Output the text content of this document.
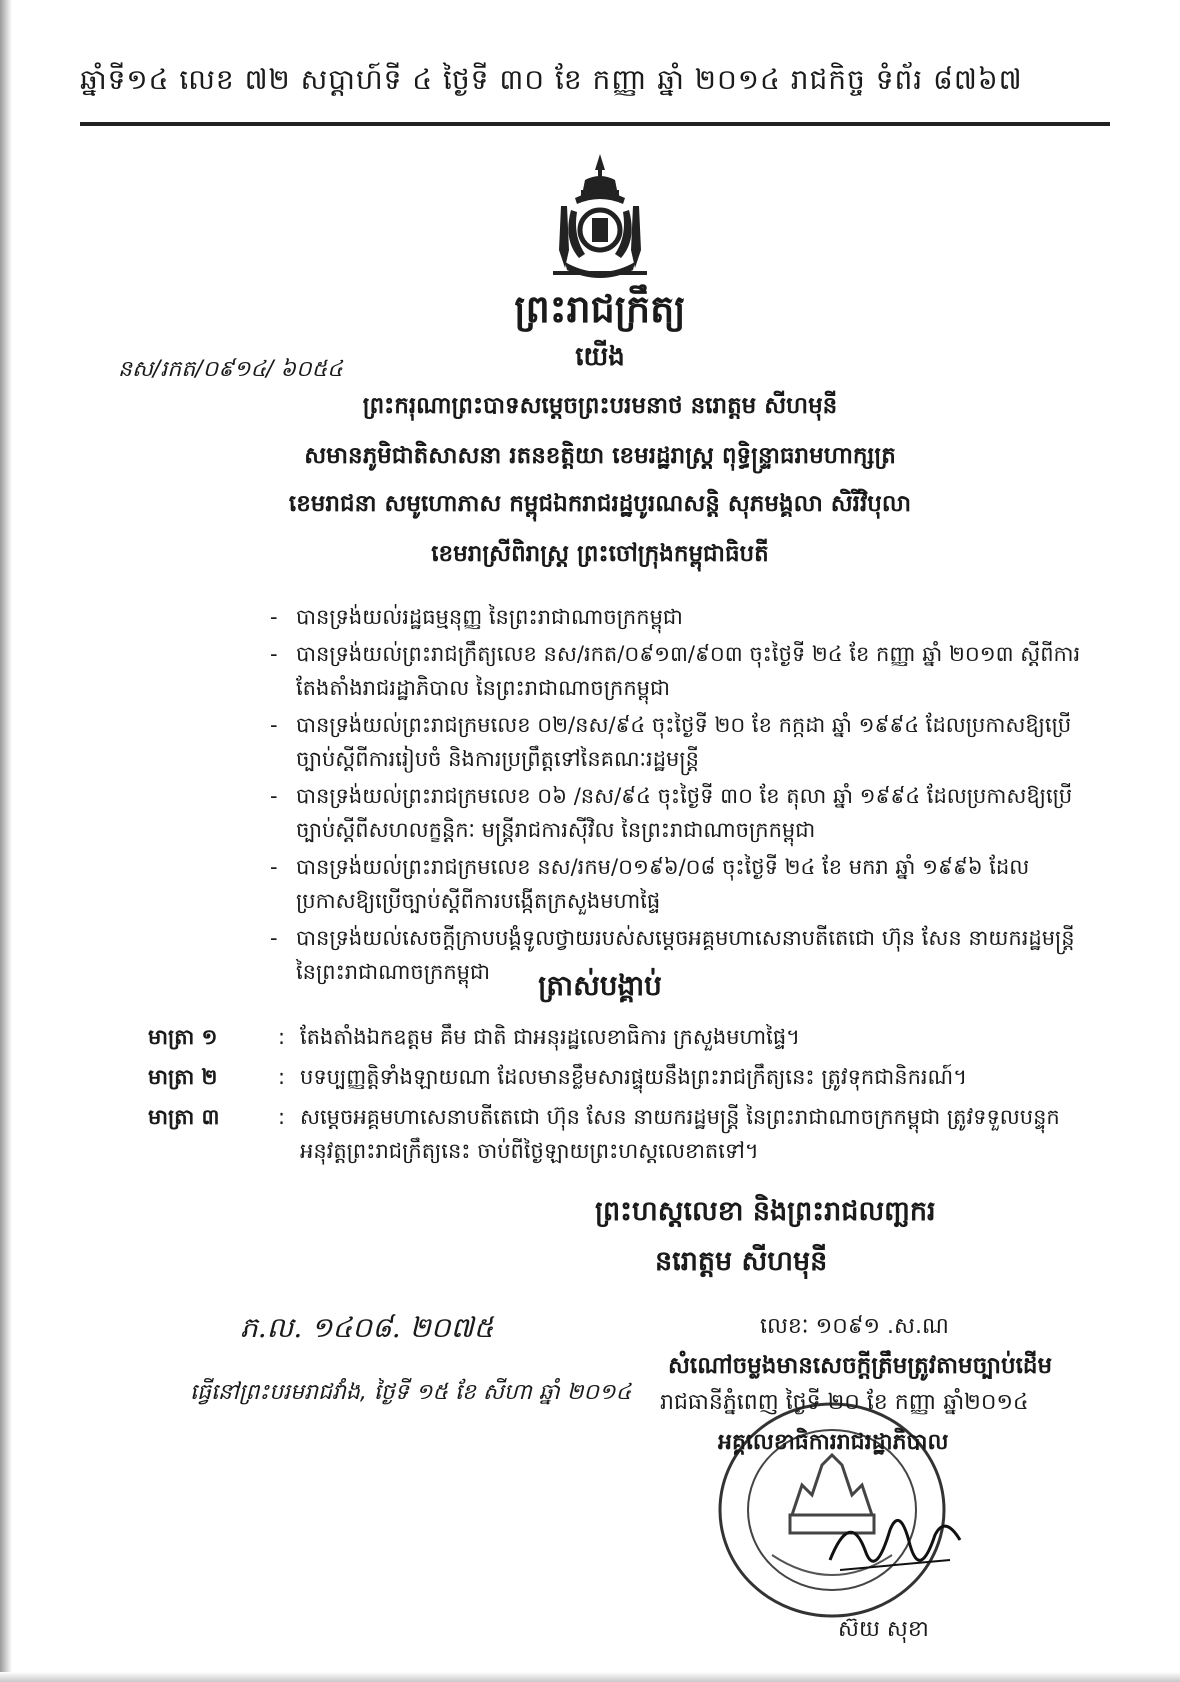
ឆ្នាំទី១៤ លេខ ៧២ សប្តាហ៍ទី ៤ ថ្ងៃទី ៣០ ខែ កញ្ញា ឆ្នាំ ២០១៤ រាជកិច្ច ទំព័រ ៨៧៦៧
ព្រះរាជក្រឹត្យ
នស/រកត/០៩១៤/ ៦០៥៤	យើង
ព្រះករុណាព្រះបាទសម្តេចព្រះបរមនាថ នរោត្តម សីហមុនី
សមានភូមិជាតិសាសនា រតនខត្តិយា ខេមរដ្ឋរាស្ត្រ ពុទ្ធិន្ទ្រាធរាមហាក្សត្រ
ខេមរាជនា សមូហោភាស កម្ពុជឯករាជរដ្ឋបូរណសន្តិ សុភមង្គលា សិរីវិបុលា
ខេមរាស្រីពិរាស្ត្រ ព្រះចៅក្រុងកម្ពុជាធិបតី
- បានទ្រង់យល់រដ្ឋធម្មនុញ្ញ នៃព្រះរាជាណាចក្រកម្ពុជា
- បានទ្រង់យល់ព្រះរាជក្រឹត្យលេខ នស/រកត/០៩១៣/៩០៣ ចុះថ្ងៃទី ២៤ ខែ កញ្ញា ឆ្នាំ ២០១៣ ស្តីពីការតែងតាំងរាជរដ្ឋាភិបាល នៃព្រះរាជាណាចក្រកម្ពុជា
- បានទ្រង់យល់ព្រះរាជក្រមលេខ ០២/នស/៩៤ ចុះថ្ងៃទី ២០ ខែ កក្កដា ឆ្នាំ ១៩៩៤ ដែលប្រកាសឱ្យប្រើច្បាប់ស្តីពីការរៀបចំ និងការប្រព្រឹត្តទៅនៃគណៈរដ្ឋមន្ត្រី
- បានទ្រង់យល់ព្រះរាជក្រមលេខ ០៦ /នស/៩៤ ចុះថ្ងៃទី ៣០ ខែ តុលា ឆ្នាំ ១៩៩៤ ដែលប្រកាសឱ្យប្រើច្បាប់ស្តីពីសហលក្ខន្តិកៈ មន្ត្រីរាជការស៊ីវិល នៃព្រះរាជាណាចក្រកម្ពុជា
- បានទ្រង់យល់ព្រះរាជក្រមលេខ នស/រកម/០១៩៦/០៨ ចុះថ្ងៃទី ២៤ ខែ មករា ឆ្នាំ ១៩៩៦ ដែលប្រកាសឱ្យប្រើច្បាប់ស្តីពីការបង្កើតក្រសួងមហាផ្ទៃ
- បានទ្រង់យល់សេចក្តីក្រាបបង្គំទូលថ្វាយរបស់សម្តេចអគ្គមហាសេនាបតីតេជោ ហ៊ុន សែន នាយករដ្ឋមន្ត្រី នៃព្រះរាជាណាចក្រកម្ពុជា	ត្រាស់បង្គាប់
មាត្រា ១	: តែងតាំងឯកឧត្តម គឹម ជាតិ ជាអនុរដ្ឋលេខាធិការ ក្រសួងមហាផ្ទៃ។
មាត្រា ២	: បទប្បញ្ញត្តិទាំងឡាយណា ដែលមានខ្លឹមសារផ្ទុយនឹងព្រះរាជក្រឹត្យនេះ ត្រូវទុកជានិករណ៍។
មាត្រា ៣	: សម្តេចអគ្គមហាសេនាបតីតេជោ ហ៊ុន សែន នាយករដ្ឋមន្ត្រី នៃព្រះរាជាណាចក្រកម្ពុជា ត្រូវទទួលបន្ទុកអនុវត្តព្រះរាជក្រឹត្យនេះ ចាប់ពីថ្ងៃឡាយព្រះហស្តលេខាតទៅ។
ព្រះហស្តលេខា និងព្រះរាជលញ្ឆករ
នរោត្តម សីហមុនី
ភ.ល. ១៤០៨. ២០៧៥
ធ្វើនៅព្រះបរមរាជវាំង, ថ្ងៃទី ១៥ ខែ សីហា ឆ្នាំ ២០១៤
លេខៈ ១០៩១ .ស.ណ
សំណៅចម្លងមានសេចក្តីត្រឹមត្រូវតាមច្បាប់ដើម
រាជធានីភ្នំពេញ ថ្ងៃទី ២០ ខែ កញ្ញា ឆ្នាំ២០១៤
អគ្គលេខាធិការរាជរដ្ឋាភិបាល
ស៊យ សុខា
